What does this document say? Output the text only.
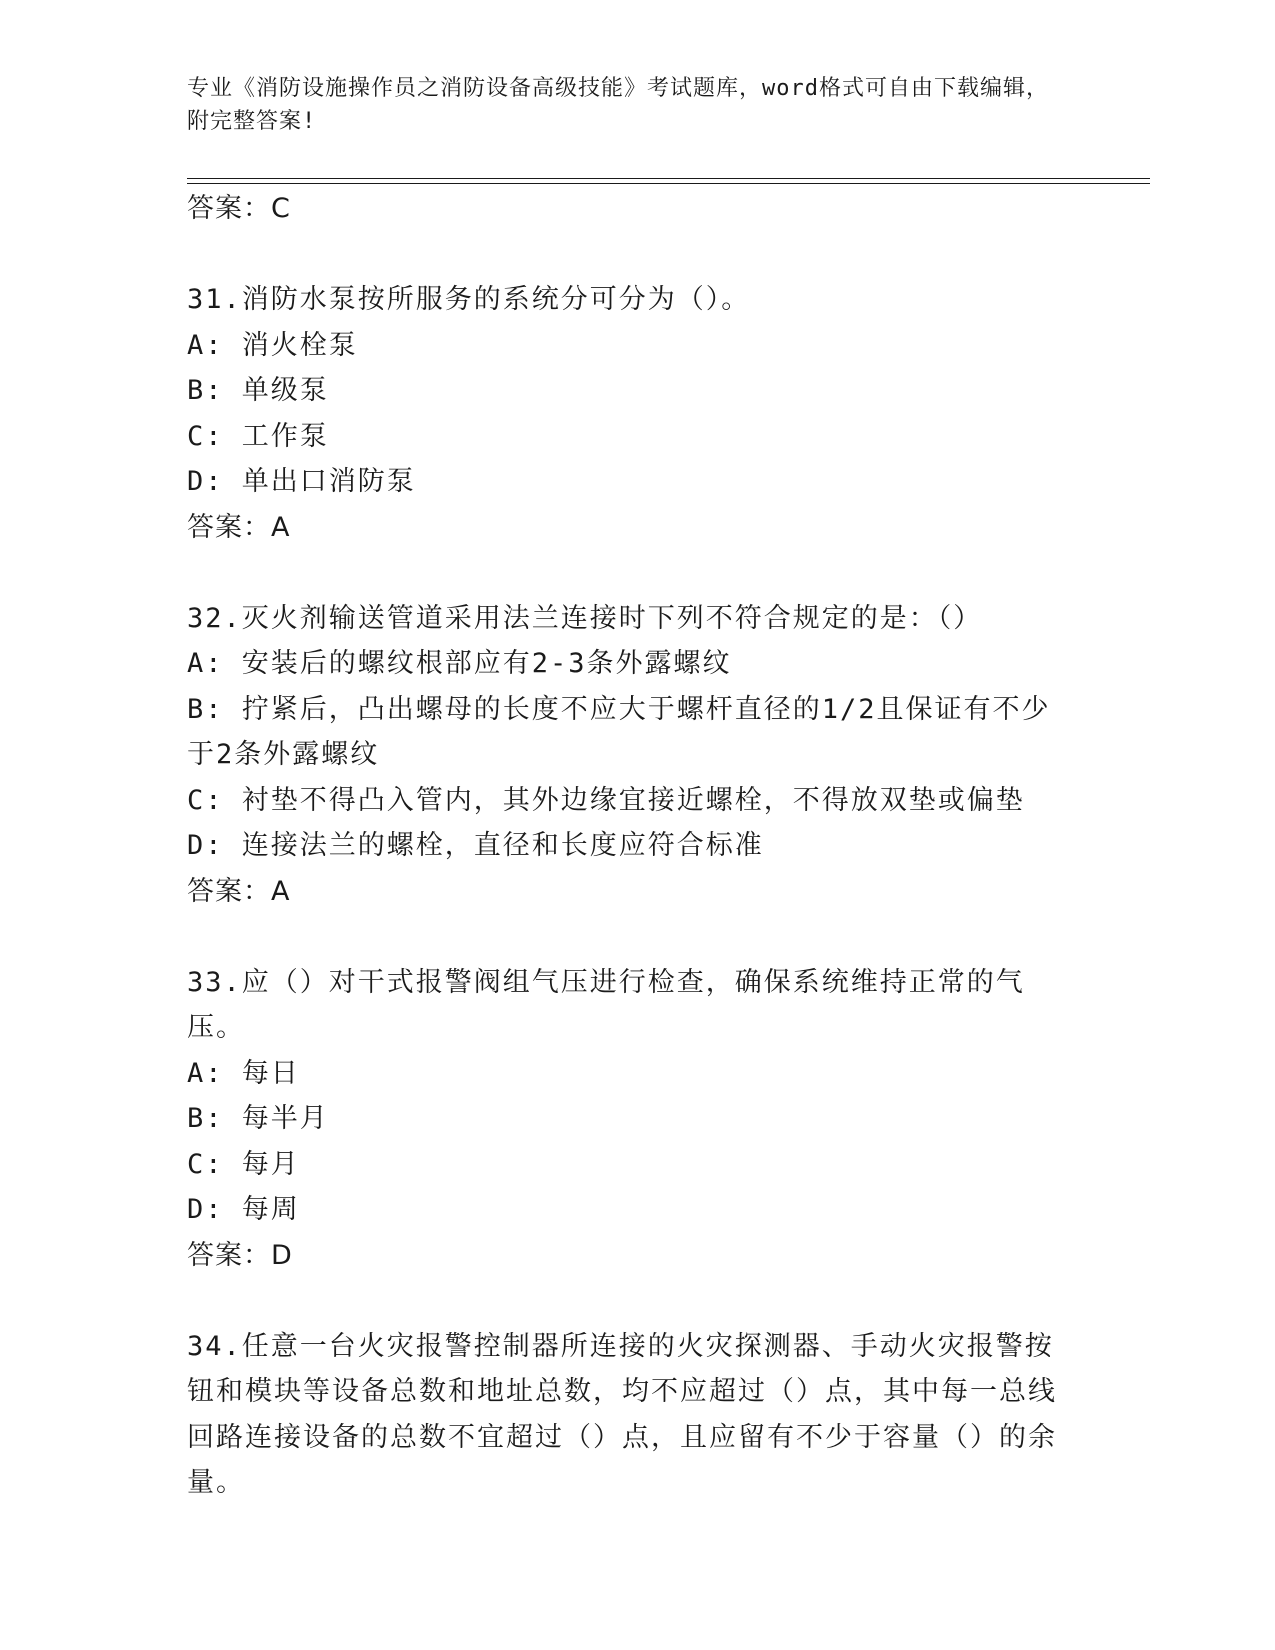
专业《消防设施操作员之消防设备高级技能》考试题库，word格式可自由下载编辑，附完整答案!
答案：C
31.消防水泵按所服务的系统分可分为（）。
A: 消火栓泵
B: 单级泵
C: 工作泵
D: 单出口消防泵
答案：A
32.灭火剂输送管道采用法兰连接时下列不符合规定的是：（）
A: 安装后的螺纹根部应有2-3条外露螺纹
B: 拧紧后，凸出螺母的长度不应大于螺杆直径的1/2且保证有不少于2条外露螺纹
C: 衬垫不得凸入管内，其外边缘宜接近螺栓，不得放双垫或偏垫
D: 连接法兰的螺栓，直径和长度应符合标准
答案：A
33.应（）对干式报警阀组气压进行检查，确保系统维持正常的气压。
A: 每日
B: 每半月
C: 每月
D: 每周
答案：D
34.任意一台火灾报警控制器所连接的火灾探测器、手动火灾报警按钮和模块等设备总数和地址总数，均不应超过（）点，其中每一总线回路连接设备的总数不宜超过（）点，且应留有不少于容量（）的余量。
